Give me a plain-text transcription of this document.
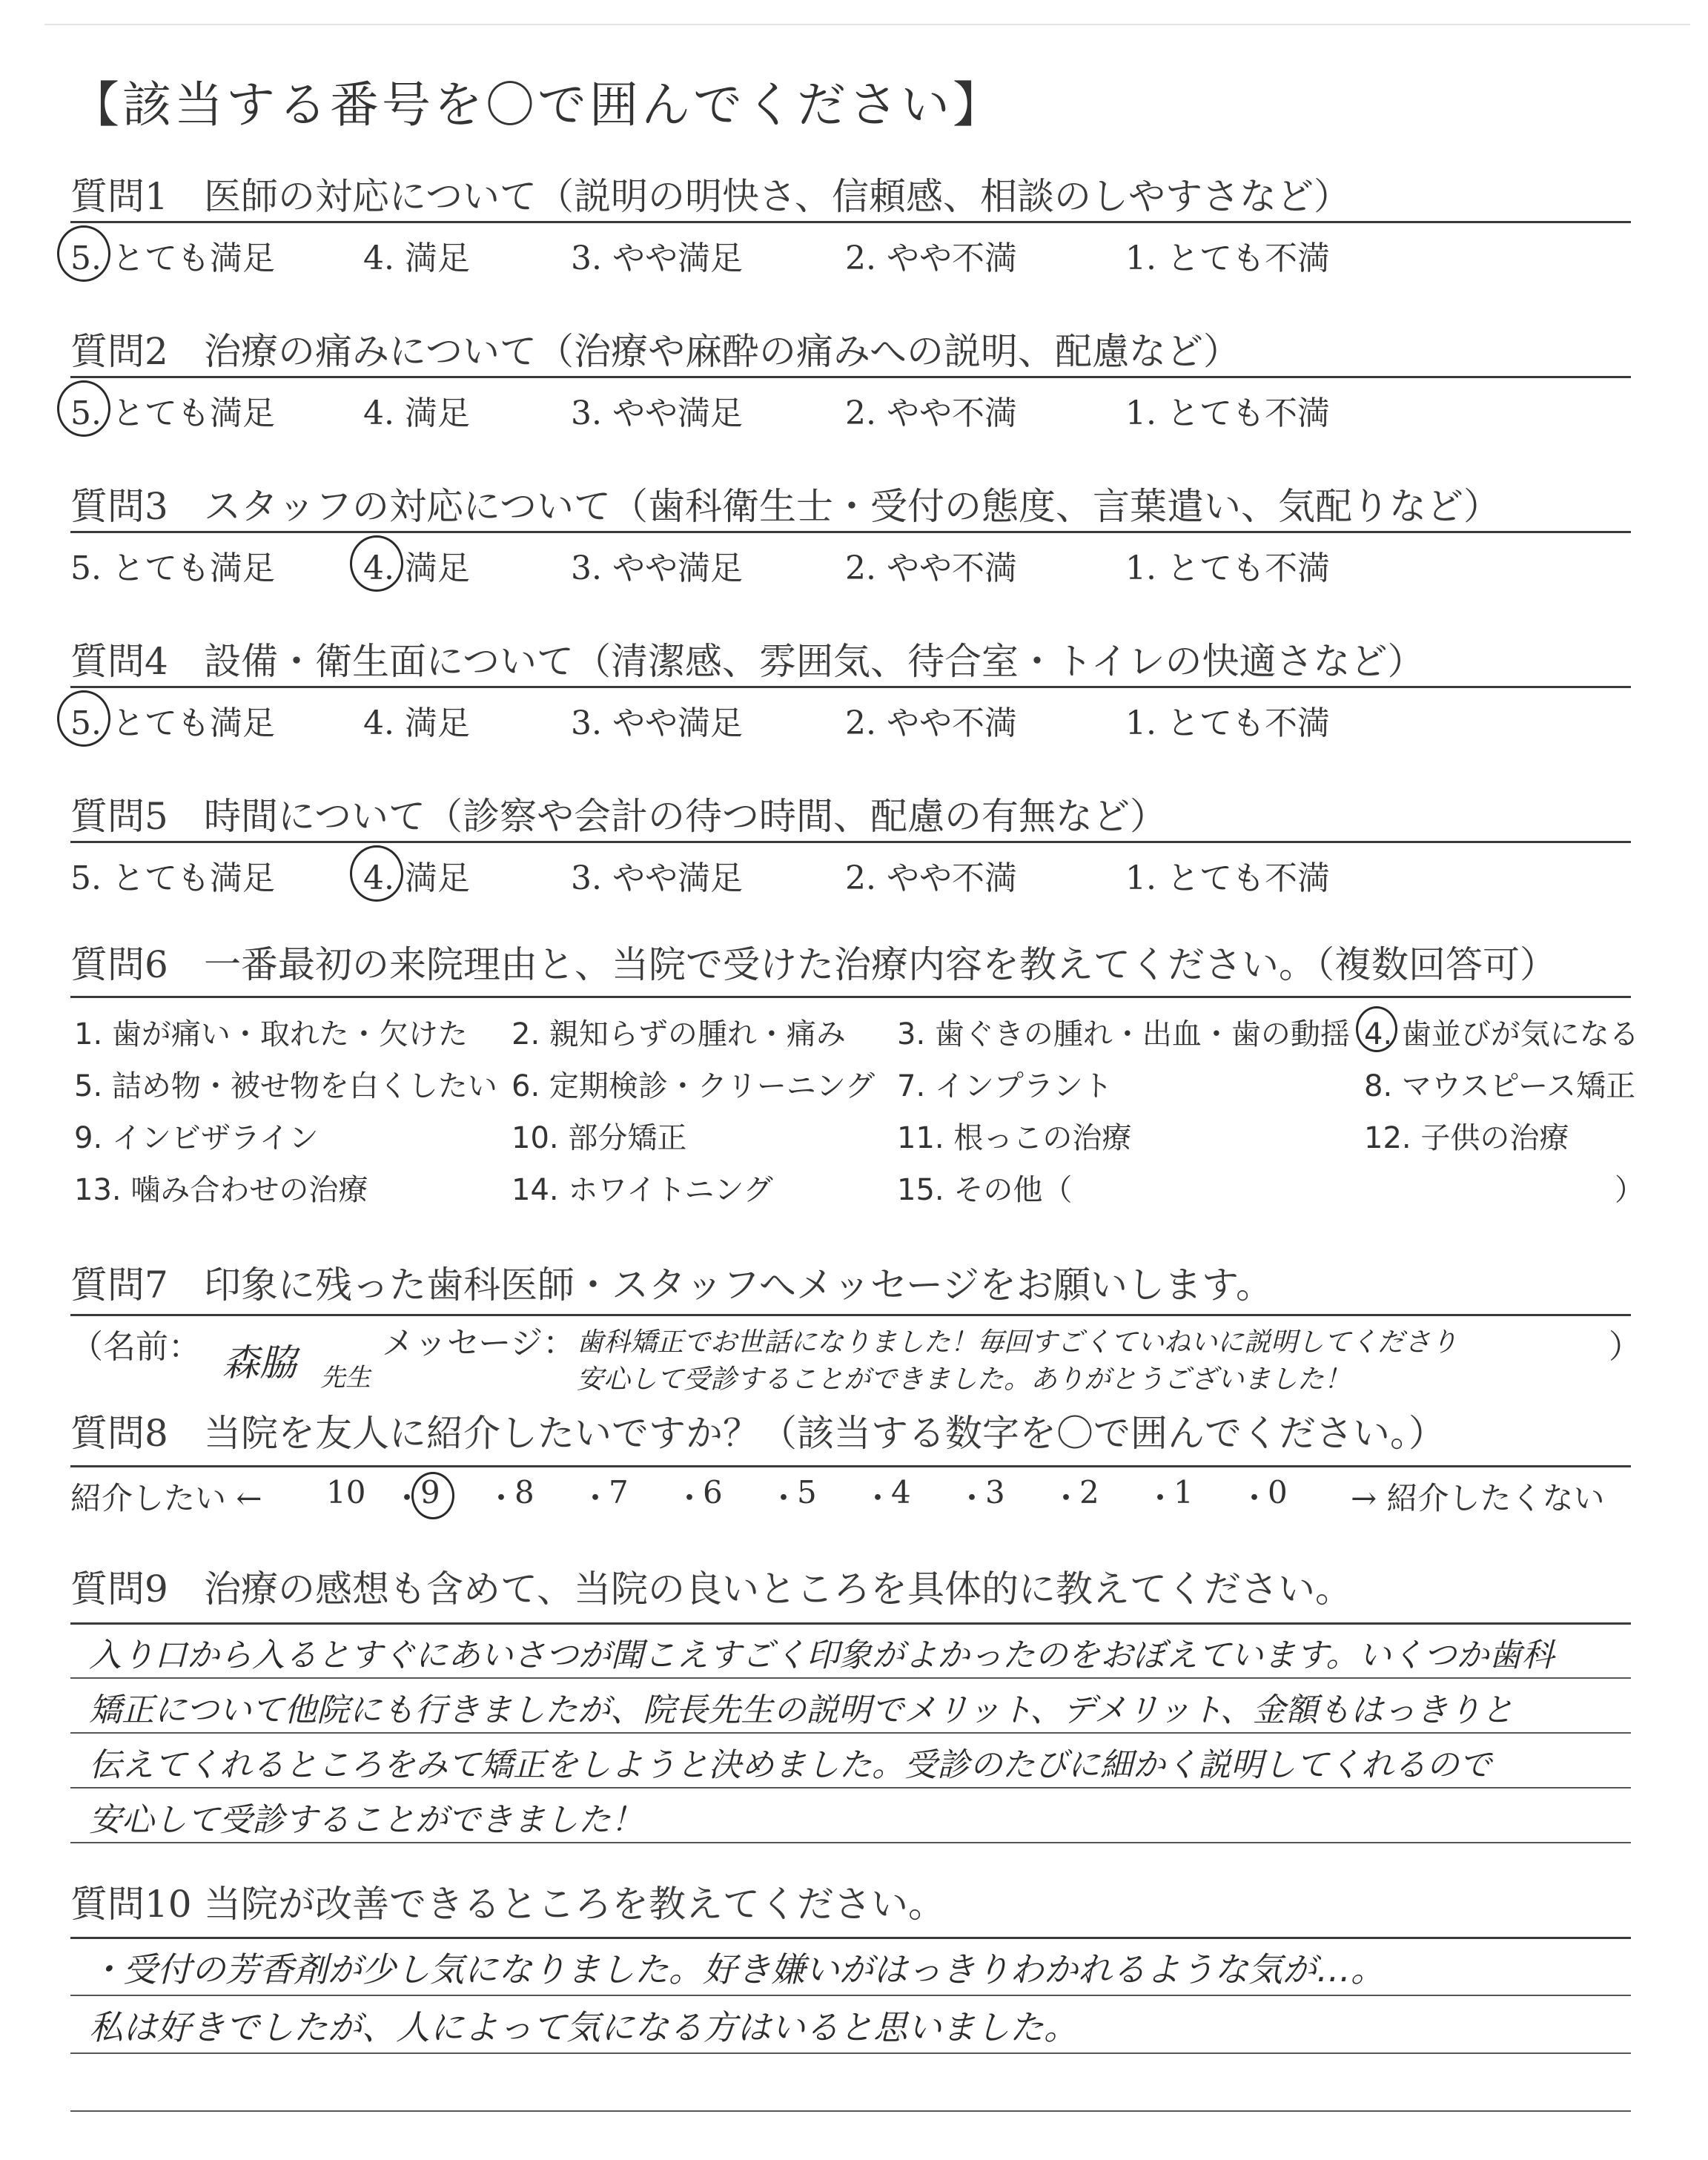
【該当する番号を〇で囲んでください】
質問1 医師の対応について（説明の明快さ、信頼感、相談のしやすさなど）
5. とても満足	4. 満足	3. やや満足	2. やや不満	1. とても不満
質問2 治療の痛みについて（治療や麻酔の痛みへの説明、配慮など）
5. とても満足	4. 満足	3. やや満足	2. やや不満	1. とても不満
質問3 スタッフの対応について（歯科衛生士・受付の態度、言葉遣い、気配りなど）
5. とても満足	4. 満足	3. やや満足	2. やや不満	1. とても不満
質問4 設備・衛生面について（清潔感、雰囲気、待合室・トイレの快適さなど）
5. とても満足	4. 満足	3. やや満足	2. やや不満	1. とても不満
質問5 時間について（診察や会計の待つ時間、配慮の有無など）
5. とても満足	4. 満足	3. やや満足	2. やや不満	1. とても不満
質問6 一番最初の来院理由と、当院で受けた治療内容を教えてください。（複数回答可）
1. 歯が痛い・取れた・欠けた 2. 親知らずの腫れ・痛み 3. 歯ぐきの腫れ・出血・歯の動揺 4. 歯並びが気になる
5. 詰め物・被せ物を白くしたい 6. 定期検診・クリーニング 7. インプラント	8. マウスピース矯正
9. インビザライン	10. 部分矯正	11. 根っこの治療	12. 子供の治療
13. 噛み合わせの治療	14. ホワイトニング	15. その他（	）
質問7 印象に残った歯科医師・スタッフへメッセージをお願いします。
（名前： 森脇 先生
メッセージ： 歯科矯正でお世話になりました！毎回すごくていねいに説明してくださり
安心して受診することができました。ありがとうございました！
）
質問8 当院を友人に紹介したいですか？（該当する数字を〇で囲んでください。）
紹介したい ← 10 ・
9 ・
8 ・
7 ・
6 ・
5 ・
4 ・
3 ・
2 ・
1 ・
0 → 紹介したくない
質問9 治療の感想も含めて、当院の良いところを具体的に教えてください。
入り口から入るとすぐにあいさつが聞こえすごく印象がよかったのをおぼえています。いくつか歯科
矯正について他院にも行きましたが、院長先生の説明でメリット、デメリット、金額もはっきりと
伝えてくれるところをみて矯正をしようと決めました。受診のたびに細かく説明してくれるので
安心して受診することができました！
質問10 当院が改善できるところを教えてください。
・受付の芳香剤が少し気になりました。好き嫌いがはっきりわかれるような気が…。
私は好きでしたが、人によって気になる方はいると思いました。
